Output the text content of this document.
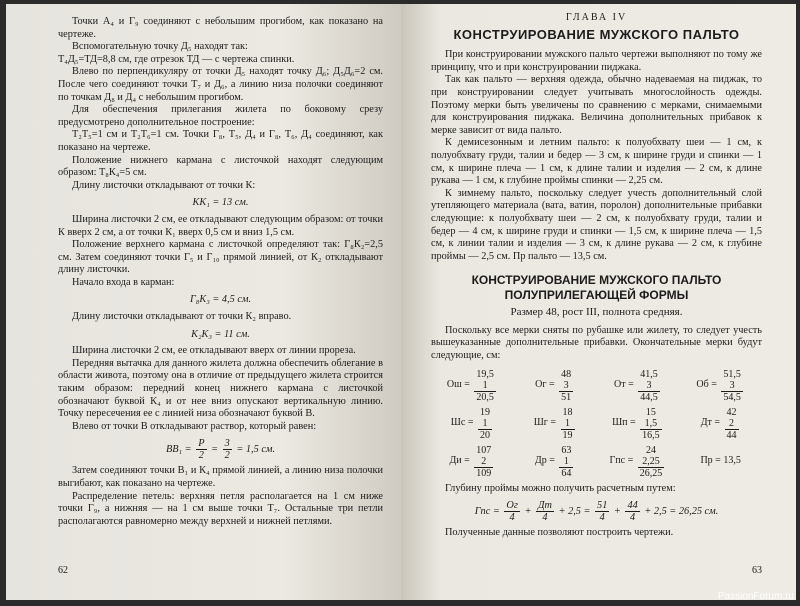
Точки А₄ и Г₉ соединяют с небольшим прогибом, как показано на чертеже.

Вспомогательную точку Д₅ находят так:

Т₄Д₅=ТД=8,8 см, где отрезок ТД — с чертежа спинки.

Влево по перпендикуляру от точки Д₅ находят точку Д₆; Д₅Д₆=2 см. После чего соединяют точки Т₇ и Д₆, а линию низа полочки соединяют по точкам Д₈ и Д₄ с небольшим прогибом.

Для обеспечения прилегания жилета по боковому срезу предусмотрено дополнительное построение:

Т₂Т₅=1 см и Т₂Т₆=1 см. Точки Г₈, Т₅, Д₄ и Г₈, Т₆, Д₄ соединяют, как показано на чертеже.

Положение нижнего кармана с листочкой находят следующим образом: Т₈К₄=5 см.

Длину листочки откладывают от точки К:

КК₁ = 13 см.

Ширина листочки 2 см, ее откладывают следующим образом: от точки К вверх 2 см, а от точки К₁ вверх 0,5 см и вниз 1,5 см.

Положение верхнего кармана с листочкой определяют так: Г₈К₂=2,5 см. Затем соединяют точки Г₅ и Г₁₀ прямой линией, от К₂ откладывают длину листочки.

Начало входа в карман:

Г₈К₃ = 4,5 см.

Длину листочки откладывают от точки К₂ вправо.

К₂К₃ = 11 см.

Ширина листочки 2 см, ее откладывают вверх от линии прореза.

Передняя вытачка для данного жилета должна обеспечить облегание в области живота, поэтому она в отличие от предыдущего жилета строится таким образом: передний конец нижнего кармана с листочкой обозначают буквой К₄ и от нее вниз опускают вертикальную линию. Точку пересечения ее с линией низа обозначают буквой В.

Влево от точки В откладывают раствор, который равен:

$ВВ_1 = \frac{Р}{2} = \frac{3}{2} = 1,5$ см.

Затем соединяют точки В₁ и К₄ прямой линией, а линию низа полочки выгибают, как показано на чертеже.

Распределение петель: верхняя петля располагается на 1 см ниже точки Г₉, а нижняя — на 1 см выше точки Т₇. Остальные три петли располагаются равномерно между верхней и нижней петлями.

62
ГЛАВА IV
КОНСТРУИРОВАНИЕ МУЖСКОГО ПАЛЬТО

При конструировании мужского пальто чертежи выполняют по тому же принципу, что и при конструировании пиджака.

Так как пальто — верхняя одежда, обычно надеваемая на пиджак, то при конструировании следует учитывать многослойность одежды. Поэтому мерки быть увеличены по сравнению с мерками, снимаемыми для конструирования пиджака. Величина дополнительных прибавок к мерке зависит от вида пальто.

К демисезонным и летним пальто: к полуобхвату шеи — 1 см, к полуобхвату груди, талии и бедер — 3 см, к ширине груди и спинки — 1 см, к ширине плеча — 1 см, к длине талии и изделия — 2 см, к длине рукава — 1 см, к глубине проймы спинки — 2,25 см.

К зимнему пальто, поскольку следует учесть дополнительный слой утепляющего материала (вата, ватин, поролон) дополнительные прибавки следующие: к полуобхвату шеи — 2 см, к полуобхвату груди, талии и бедер — 4 см, к ширине груди и спинки — 1,5 см, к ширине плеча — 1,5 см, к линии талии и изделия — 3 см, к длине рукава — 2 см, к глубине проймы — 2,5 см. Пр пальто — 13,5 см.

КОНСТРУИРОВАНИЕ МУЖСКОГО ПАЛЬТО ПОЛУПРИЛЕГАЮЩЕЙ ФОРМЫ
Размер 48, рост III, полнота средняя.

Поскольку все мерки сняты по рубашке или жилету, то следует учесть вышеуказанные дополнительные прибавки. Окончательные мерки будут следующие, см:

Ош =
19,5
1
20,5
Ог =
48
3
51
От =
41,5
3
44,5
Об =
51,5
3
54,5
Шс =
19
1
20
Шг =
18
1
19
Шп =
15
1,5
16,5
Дт =
42
2
44
Ди =
107
2
109
Др =
63
1
64
Гпс =
24
2,25
26,25
Пр = 13,5

Глубину проймы можно получить расчетным путем:

Гпс = $\frac{Ог}{4} + \frac{Дт}{4} + 2,5 = \frac{51}{4} + \frac{44}{4} + 2,5 = 26,25$ см.

Полученные данные позволяют построить чертежи.

63
PassionForum.ru
